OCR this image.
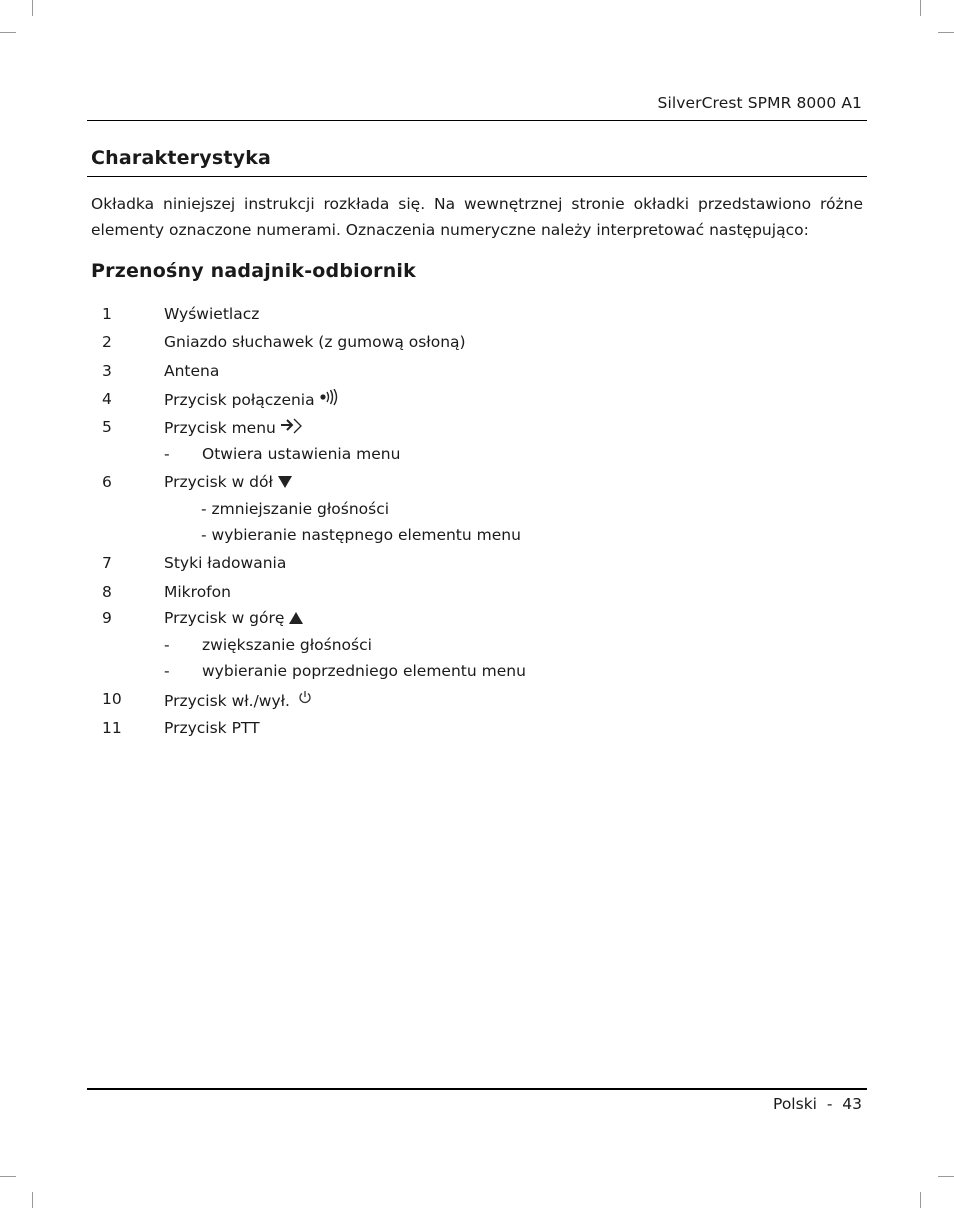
SilverCrest SPMR 8000 A1
Charakterystyka

Okładka niniejszej instrukcji rozkłada się. Na wewnętrznej stronie okładki przedstawiono różne elementy oznaczone numerami. Oznaczenia numeryczne należy interpretować następująco:

Przenośny nadajnik-odbiornik
1	Wyświetlacz
2	Gniazdo słuchawek (z gumową osłoną)
3	Antena
4	Przycisk połączenia
5	Przycisk menu
- Otwiera ustawienia menu
6	Przycisk w dół
- zmniejszanie głośności
- wybieranie następnego elementu menu
7	Styki ładowania
8	Mikrofon
9	Przycisk w górę
- zwiększanie głośności
- wybieranie poprzedniego elementu menu
10	Przycisk wł./wył.
11	Przycisk PTT
Polski  -  43
